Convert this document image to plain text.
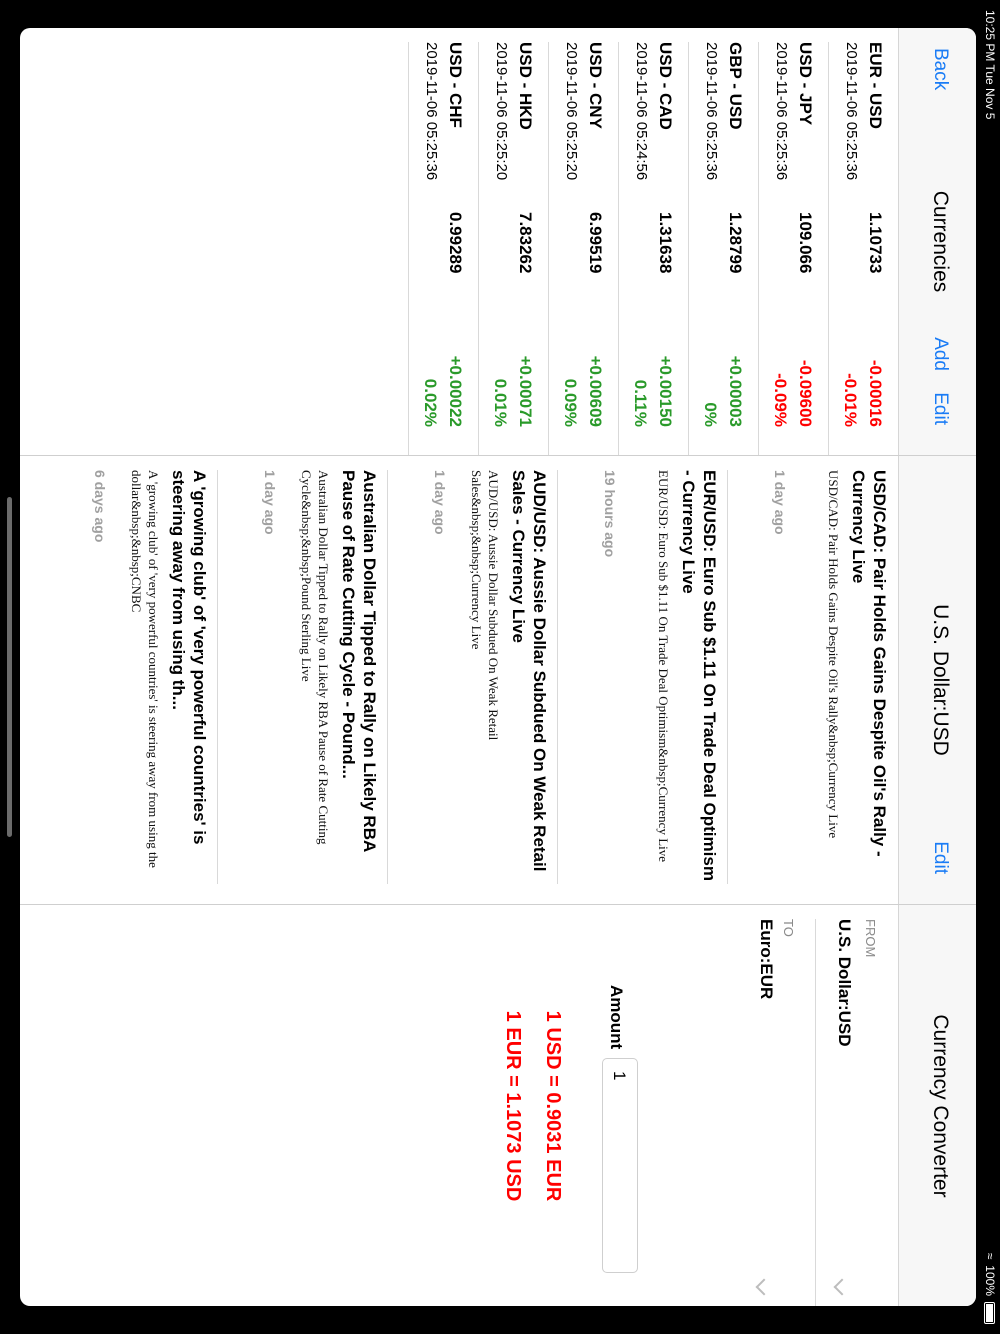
10:25 PM Tue Nov 5
≈
100%
Back
Currencies
Add
Edit
EUR - USD
1.10733
-0.00016
2019-11-06 05:25:36
-0.01%
USD - JPY
109.066
-0.09600
2019-11-06 05:25:36
-0.09%
GBP - USD
1.28799
+0.00003
2019-11-06 05:25:36
0%
USD - CAD
1.31638
+0.00150
2019-11-06 05:24:56
0.11%
USD - CNY
6.99519
+0.00609
2019-11-06 05:25:20
0.09%
USD - HKD
7.83262
+0.00071
2019-11-06 05:25:20
0.01%
USD - CHF
0.99289
+0.00022
2019-11-06 05:25:36
0.02%
U.S. Dollar:USD
Edit
USD/CAD: Pair Holds Gains Despite Oil's Rally - Currency Live
USD/CAD: Pair Holds Gains Despite Oil's Rally&nbsp;Currency Live
1 day ago
EUR/USD: Euro Sub $1.11 On Trade Deal Optimism - Currency Live
EUR/USD: Euro Sub $1.11 On Trade Deal Optimism&nbsp;Currency Live
19 hours ago
AUD/USD: Aussie Dollar Subdued On Weak Retail Sales - Currency Live
AUD/USD: Aussie Dollar Subdued On Weak Retail Sales&nbsp;&nbsp;Currency Live
1 day ago
Australian Dollar Tipped to Rally on Likely RBA Pause of Rate Cutting Cycle - Pound...
Australian Dollar Tipped to Rally on Likely RBA Pause of Rate Cutting Cycle&nbsp;&nbsp;Pound Sterling Live
1 day ago
A 'growing club' of 'very powerful countries' is steering away from using th...
A 'growing club' of 'very powerful countries' is steering away from using the dollar&nbsp;&nbsp;CNBC
6 days ago
Currency Converter
FROM
U.S. Dollar:USD
TO
Euro:EUR
Amount
1
1 USD = 0.9031 EUR
1 EUR = 1.1073 USD
